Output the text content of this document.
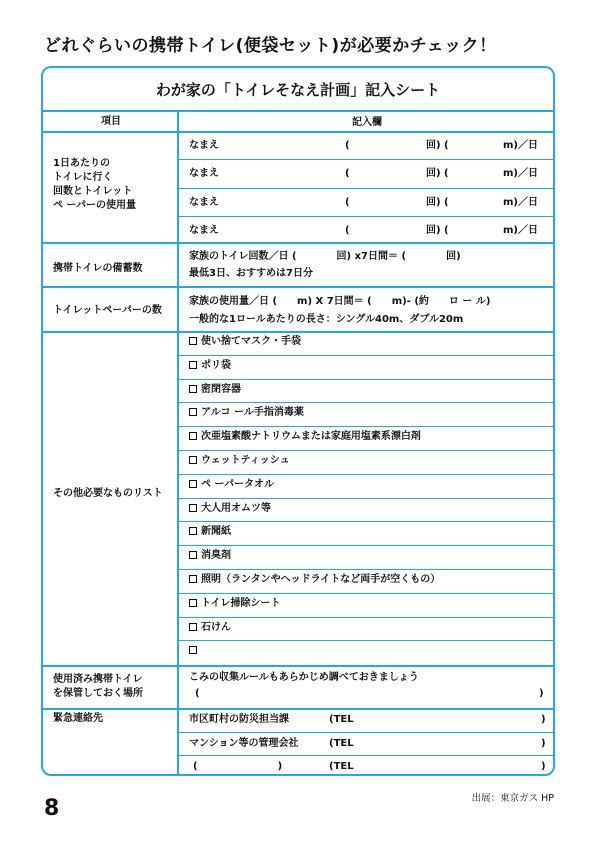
どれぐらいの携帯トイレ(便袋セット)が必要かチェック！
わが家の「トイレそなえ計画」記入シート
項目	記入欄
1日あたりの
トイレに行く
回数とトイレット
ペ ーパーの使用量
なまえ	(	回) (	m)／日
なまえ	(	回) (	m)／日
なまえ	(	回) (	m)／日
なまえ	(	回) (	m)／日
携帯トイレの備蓄数
家族のトイレ回数／日 (　　　　回) x7日間＝ (　　　　回)
最低3日、おすすめは7日分
トイレットペーパーの数
家族の使用量／日 (　　m) X 7日間＝ (　　m)- (約　　ロ ー ル)
一般的な1ロールあたりの長さ：シングル40m、ダブル20m
その他必要なものリスト
使い捨てマスク・手袋
ポリ袋
密閉容器
アルコ ール手指消毒薬
次亜塩素酸ナトリウムまたは家庭用塩素系漂白剤
ウェットティッシュ
ペ ーパータオル
大人用オムツ等
新聞紙
消臭剤
照明（ランタンやヘッドライトなど両手が空くもの）
トイレ掃除シート
石けん
使用済み携帯トイレ
を保管しておく場所
こみの収集ルールもあらかじめ調べておきましょう
(	)
緊急連絡先	市区町村の防災担当課	(TEL	)
マンション等の管理会社	(TEL	)
(　　　　　　　　)	(TEL	)
8	出展：東京ガス HP
